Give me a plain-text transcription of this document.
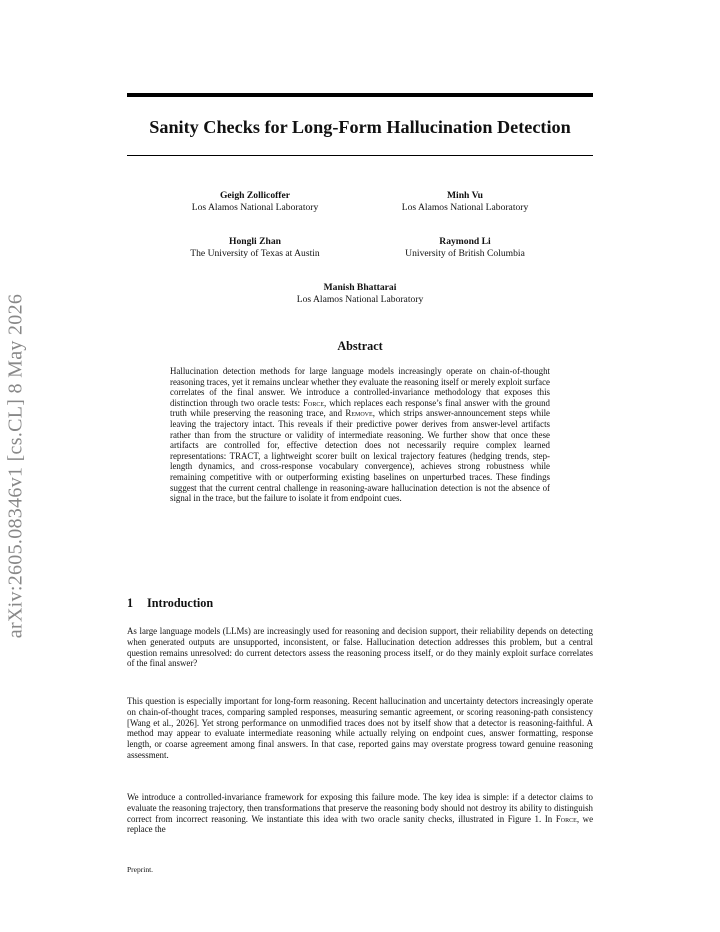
arXiv:2605.08346v1 [cs.CL] 8 May 2026
Sanity Checks for Long-Form Hallucination Detection
Geigh Zollicoffer
Los Alamos National Laboratory
Minh Vu
Los Alamos National Laboratory
Hongli Zhan
The University of Texas at Austin
Raymond Li
University of British Columbia
Manish Bhattarai
Los Alamos National Laboratory
Abstract

Hallucination detection methods for large language models increasingly operate on chain-of-thought reasoning traces, yet it remains unclear whether they evaluate the reasoning itself or merely exploit surface correlates of the final answer. We introduce a controlled-invariance methodology that exposes this distinction through two oracle tests: Force, which replaces each response’s final answer with the ground truth while preserving the reasoning trace, and Remove, which strips answer-announcement steps while leaving the trajectory intact. This reveals if their predictive power derives from answer-level artifacts rather than from the structure or validity of intermediate reasoning. We further show that once these artifacts are controlled for, effective detection does not necessarily require complex learned representations: TRACT, a lightweight scorer built on lexical trajectory features (hedging trends, step-length dynamics, and cross-response vocabulary convergence), achieves strong robustness while remaining competitive with or outperforming existing baselines on unperturbed traces. These findings suggest that the current central challenge in reasoning-aware hallucination detection is not the absence of signal in the trace, but the failure to isolate it from endpoint cues.

1 Introduction

As large language models (LLMs) are increasingly used for reasoning and decision support, their reliability depends on detecting when generated outputs are unsupported, inconsistent, or false. Hallucination detection addresses this problem, but a central question remains unresolved: do current detectors assess the reasoning process itself, or do they mainly exploit surface correlates of the final answer?

This question is especially important for long-form reasoning. Recent hallucination and uncertainty detectors increasingly operate on chain-of-thought traces, comparing sampled responses, measuring semantic agreement, or scoring reasoning-path consistency [Wang et al., 2026]. Yet strong performance on unmodified traces does not by itself show that a detector is reasoning-faithful. A method may appear to evaluate intermediate reasoning while actually relying on endpoint cues, answer formatting, response length, or coarse agreement among final answers. In that case, reported gains may overstate progress toward genuine reasoning assessment.

We introduce a controlled-invariance framework for exposing this failure mode. The key idea is simple: if a detector claims to evaluate the reasoning trajectory, then transformations that preserve the reasoning body should not destroy its ability to distinguish correct from incorrect reasoning. We instantiate this idea with two oracle sanity checks, illustrated in Figure 1. In Force, we replace the

Preprint.
